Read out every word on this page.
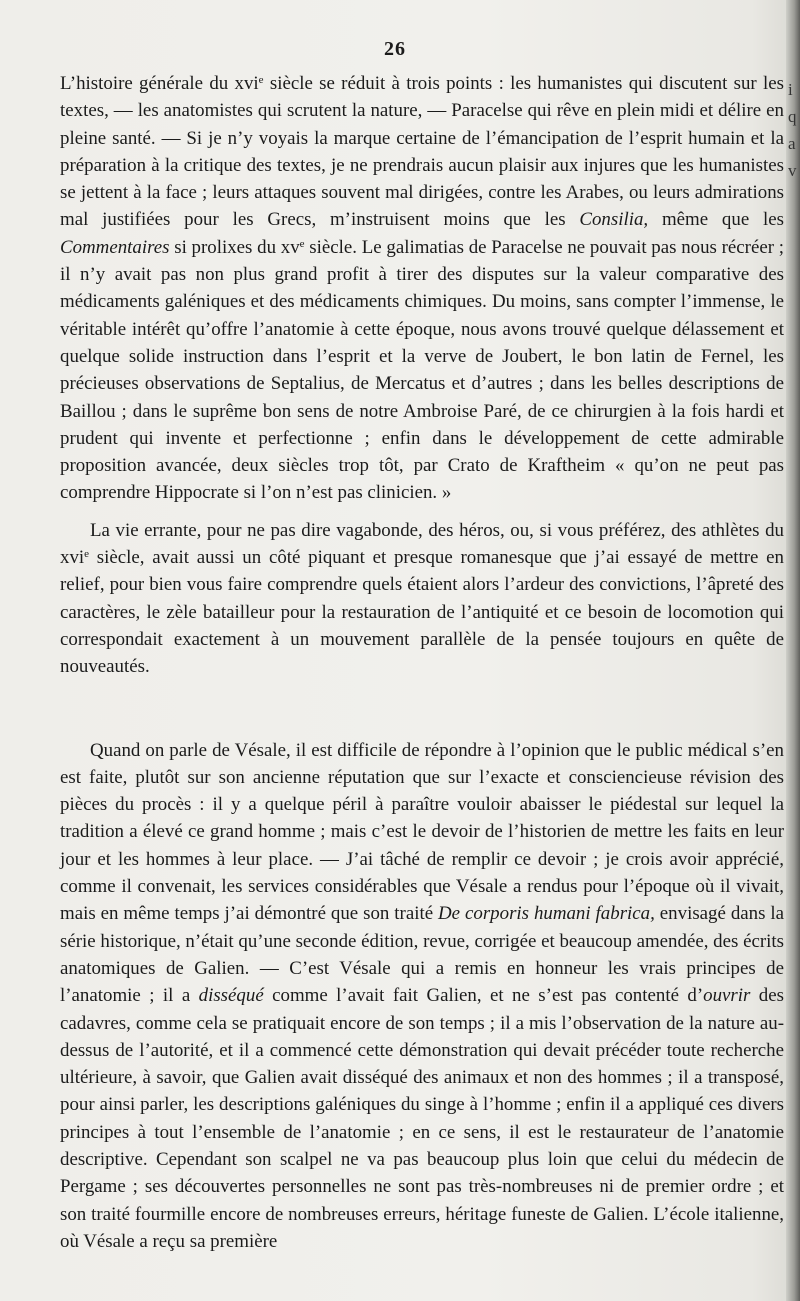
26

L’histoire générale du xvi$^e$ siècle se réduit à trois points : les humanistes qui discutent sur les textes, — les anatomistes qui scrutent la nature, — Paracelse qui rêve en plein midi et délire en pleine santé. — Si je n’y voyais la marque certaine de l’émancipation de l’esprit humain et la préparation à la critique des textes, je ne prendrais aucun plaisir aux injures que les humanistes se jettent à la face ; leurs attaques souvent mal dirigées, contre les Arabes, ou leurs admirations mal justifiées pour les Grecs, m’instruisent moins que les Consilia, même que les Commentaires si prolixes du $xv^e$ siècle. Le galimatias de Paracelse ne pouvait pas nous récréer ; il n’y avait pas non plus grand profit à tirer des disputes sur la valeur comparative des médicaments galéniques et des médicaments chimiques. Du moins, sans compter l’immense, le véritable intérêt qu’offre l’anatomie à cette époque, nous avons trouvé quelque délassement et quelque solide instruction dans l’esprit et la verve de Joubert, le bon latin de Fernel, les précieuses observations de Septalius, de Mercatus et d’autres ; dans les belles descriptions de Baillou ; dans le suprême bon sens de notre Ambroise Paré, de ce chirurgien à la fois hardi et prudent qui invente et perfectionne ; enfin dans le développement de cette admirable proposition avancée, deux siècles trop tôt, par Crato de Kraftheim « qu’on ne peut pas comprendre Hippocrate si l’on n’est pas clinicien. »

La vie errante, pour ne pas dire vagabonde, des héros, ou, si vous préférez, des athlètes du xvi$^e$ siècle, avait aussi un côté piquant et presque romanesque que j’ai essayé de mettre en relief, pour bien vous faire comprendre quels étaient alors l’ardeur des convictions, l’âpreté des caractères, le zèle batailleur pour la restauration de l’antiquité et ce besoin de locomotion qui correspondait exactement à un mouvement parallèle de la pensée toujours en quête de nouveautés.

Quand on parle de Vésale, il est difficile de répondre à l’opinion que le public médical s’en est faite, plutôt sur son ancienne réputation que sur l’exacte et consciencieuse révision des pièces du procès : il y a quelque péril à paraître vouloir abaisser le piédestal sur lequel la tradition a élevé ce grand homme ; mais c’est le devoir de l’historien de mettre les faits en leur jour et les hommes à leur place. — J’ai tâché de remplir ce devoir ; je crois avoir apprécié, comme il convenait, les services considérables que Vésale a rendus pour l’époque où il vivait, mais en même temps j’ai démontré que son traité De corporis humani fabrica, envisagé dans la série historique, n’était qu’une seconde édition, revue, corrigée et beaucoup amendée, des écrits anatomiques de Galien. — C’est Vésale qui a remis en honneur les vrais principes de l’anatomie ; il a disséqué comme l’avait fait Galien, et ne s’est pas contenté d’ouvrir des cadavres, comme cela se pratiquait encore de son temps ; il a mis l’observation de la nature au-dessus de l’autorité, et il a commencé cette démonstration qui devait précéder toute recherche ultérieure, à savoir, que Galien avait disséqué des animaux et non des hommes ; il a transposé, pour ainsi parler, les descriptions galéniques du singe à l’homme ; enfin il a appliqué ces divers principes à tout l’ensemble de l’anatomie ; en ce sens, il est le restaurateur de l’anatomie descriptive. Cependant son scalpel ne va pas beaucoup plus loin que celui du médecin de Pergame ; ses découvertes personnelles ne sont pas très-nombreuses ni de premier ordre ; et son traité fourmille encore de nombreuses erreurs, héritage funeste de Galien. L’école italienne, où Vésale a reçu sa première

i
q
a
v
